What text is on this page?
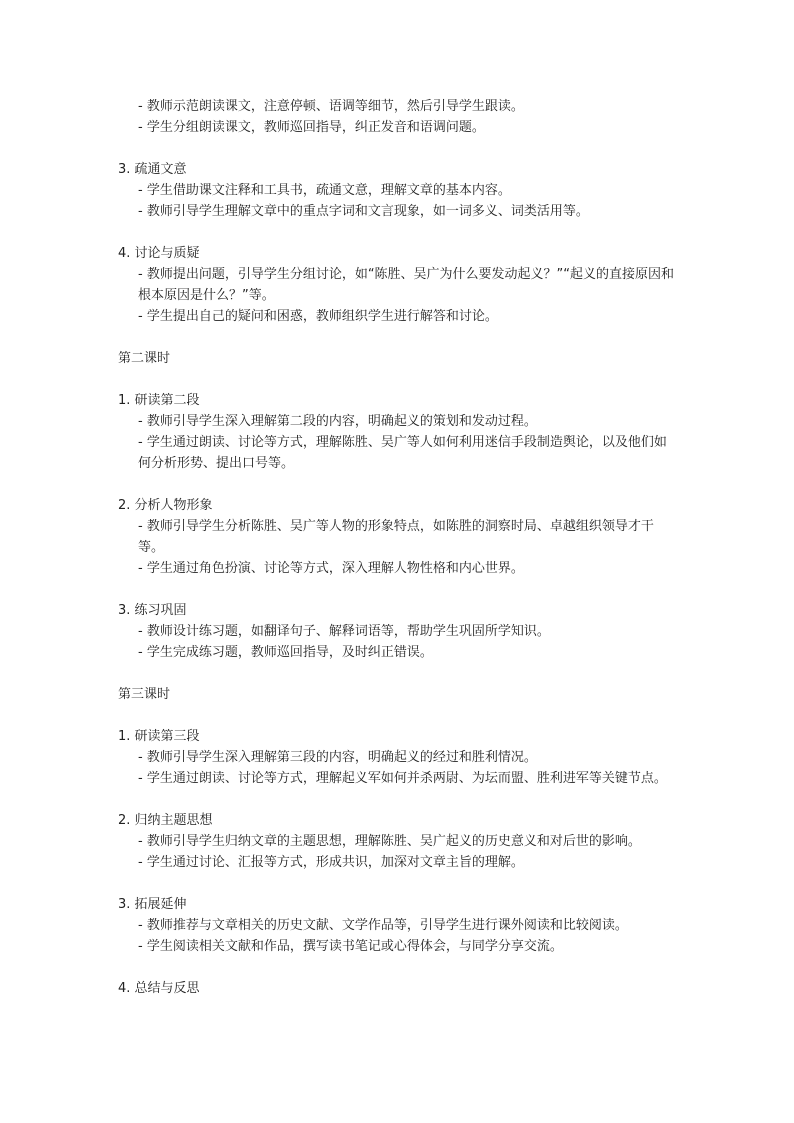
- 教师示范朗读课文，注意停顿、语调等细节，然后引导学生跟读。

- 学生分组朗读课文，教师巡回指导，纠正发音和语调问题。

3. 疏通文意

- 学生借助课文注释和工具书，疏通文意，理解文章的基本内容。

- 教师引导学生理解文章中的重点字词和文言现象，如一词多义、词类活用等。

4. 讨论与质疑

- 教师提出问题，引导学生分组讨论，如“陈胜、吴广为什么要发动起义？”“起义的直接原因和根本原因是什么？”等。

- 学生提出自己的疑问和困惑，教师组织学生进行解答和讨论。

第二课时

1. 研读第二段

- 教师引导学生深入理解第二段的内容，明确起义的策划和发动过程。

- 学生通过朗读、讨论等方式，理解陈胜、吴广等人如何利用迷信手段制造舆论，以及他们如何分析形势、提出口号等。

2. 分析人物形象

- 教师引导学生分析陈胜、吴广等人物的形象特点，如陈胜的洞察时局、卓越组织领导才干等。

- 学生通过角色扮演、讨论等方式，深入理解人物性格和内心世界。

3. 练习巩固

- 教师设计练习题，如翻译句子、解释词语等，帮助学生巩固所学知识。

- 学生完成练习题，教师巡回指导，及时纠正错误。

第三课时

1. 研读第三段

- 教师引导学生深入理解第三段的内容，明确起义的经过和胜利情况。

- 学生通过朗读、讨论等方式，理解起义军如何并杀两尉、为坛而盟、胜利进军等关键节点。

2. 归纳主题思想

- 教师引导学生归纳文章的主题思想，理解陈胜、吴广起义的历史意义和对后世的影响。

- 学生通过讨论、汇报等方式，形成共识，加深对文章主旨的理解。

3. 拓展延伸

- 教师推荐与文章相关的历史文献、文学作品等，引导学生进行课外阅读和比较阅读。

- 学生阅读相关文献和作品，撰写读书笔记或心得体会，与同学分享交流。

4. 总结与反思
